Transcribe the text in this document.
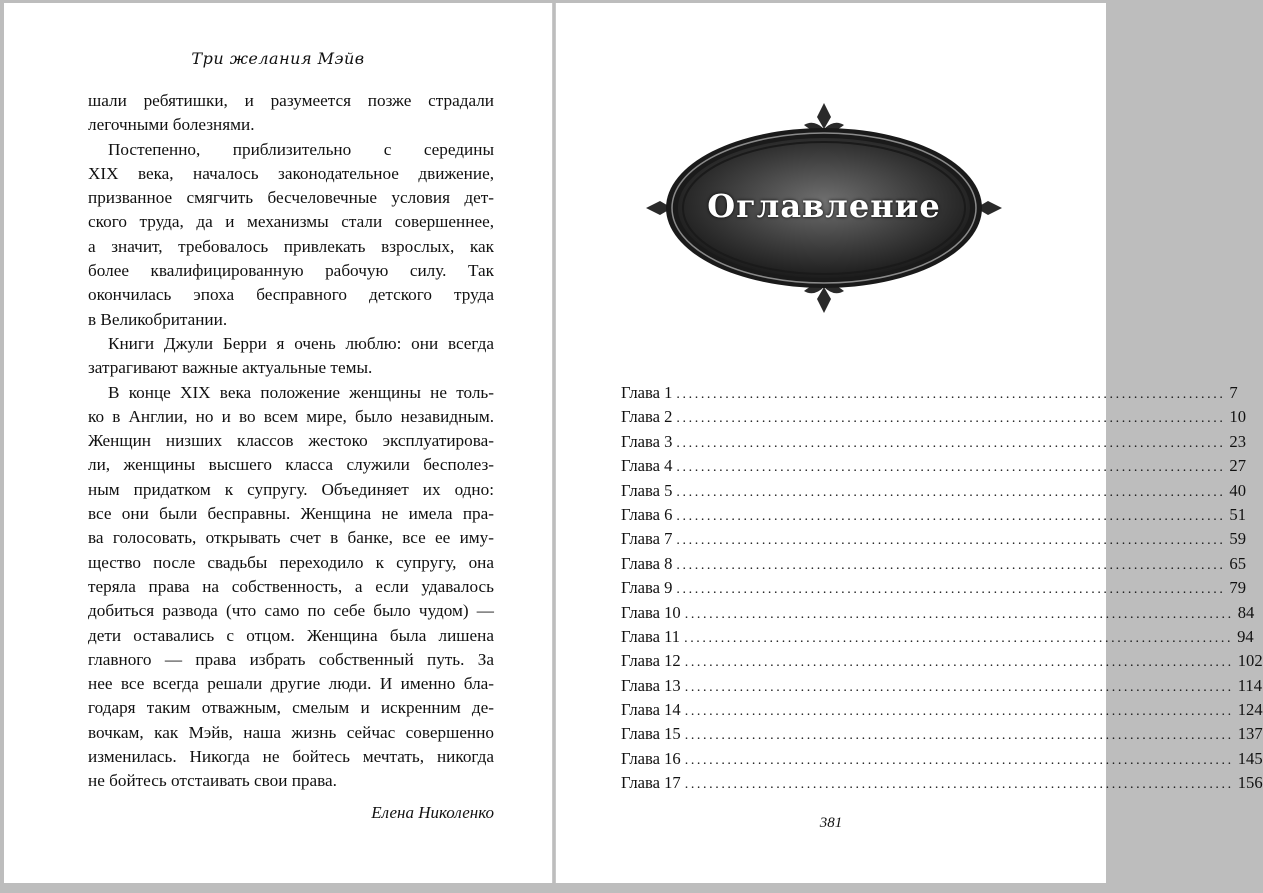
Три желания Мэйв
шали ребятишки, и разумеется позже страдали
легочными болезнями.
Постепенно, приблизительно с середины
XIX века, началось законодательное движение,
призванное смягчить бесчеловечные условия дет-
ского труда, да и механизмы стали совершеннее,
а значит, требовалось привлекать взрослых, как
более квалифицированную рабочую силу. Так
окончилась эпоха бесправного детского труда
в Великобритании.
Книги Джули Берри я очень люблю: они всегда
затрагивают важные актуальные темы.
В конце XIX века положение женщины не толь-
ко в Англии, но и во всем мире, было незавидным.
Женщин низших классов жестоко эксплуатирова-
ли, женщины высшего класса служили бесполез-
ным придатком к супругу. Объединяет их одно:
все они были бесправны. Женщина не имела пра-
ва голосовать, открывать счет в банке, все ее иму-
щество после свадьбы переходило к супругу, она
теряла права на собственность, а если удавалось
добиться развода (что само по себе было чудом) —
дети оставались с отцом. Женщина была лишена
главного — права избрать собственный путь. За
нее все всегда решали другие люди. И именно бла-
годаря таким отважным, смелым и искренним де-
вочкам, как Мэйв, наша жизнь сейчас совершенно
изменилась. Никогда не бойтесь мечтать, никогда
не бойтесь отстаивать свои права.
Елена Николенко
Оглавление
Глава 1 .......................................................................................... 7
Глава 2 .......................................................................................... 10
Глава 3 .......................................................................................... 23
Глава 4 .......................................................................................... 27
Глава 5 .......................................................................................... 40
Глава 6 .......................................................................................... 51
Глава 7 .......................................................................................... 59
Глава 8 .......................................................................................... 65
Глава 9 .......................................................................................... 79
Глава 10 .......................................................................................... 84
Глава 11 .......................................................................................... 94
Глава 12 .......................................................................................... 102
Глава 13 .......................................................................................... 114
Глава 14 .......................................................................................... 124
Глава 15 .......................................................................................... 137
Глава 16 .......................................................................................... 145
Глава 17 .......................................................................................... 156
381
